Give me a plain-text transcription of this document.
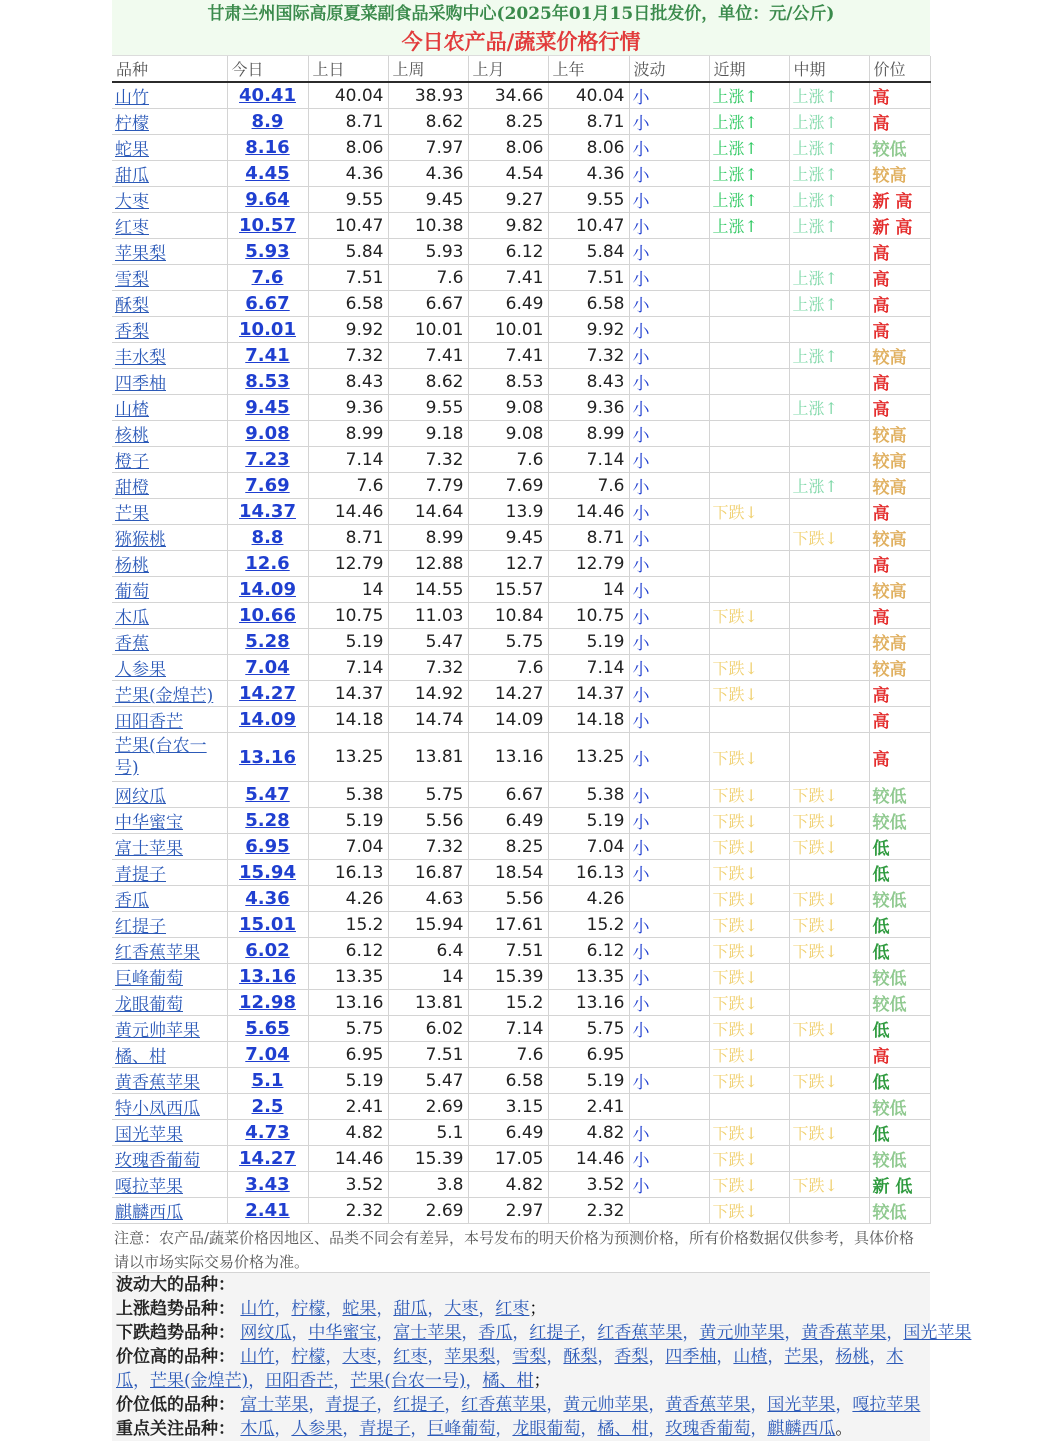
甘肃兰州国际高原夏菜副食品采购中心(2025年01月15日批发价，单位：元/公斤)
今日农产品/蔬菜价格行情
品种	今日	上日	上周	上月	上年	波动	近期	中期	价位
山竹	40.41	40.04	38.93	34.66	40.04	小	上涨↑	上涨↑	高
柠檬	8.9	8.71	8.62	8.25	8.71	小	上涨↑	上涨↑	高
蛇果	8.16	8.06	7.97	8.06	8.06	小	上涨↑	上涨↑	较低
甜瓜	4.45	4.36	4.36	4.54	4.36	小	上涨↑	上涨↑	较高
大枣	9.64	9.55	9.45	9.27	9.55	小	上涨↑	上涨↑	新 高
红枣	10.57	10.47	10.38	9.82	10.47	小	上涨↑	上涨↑	新 高
苹果梨	5.93	5.84	5.93	6.12	5.84	小			高
雪梨	7.6	7.51	7.6	7.41	7.51	小		上涨↑	高
酥梨	6.67	6.58	6.67	6.49	6.58	小		上涨↑	高
香梨	10.01	9.92	10.01	10.01	9.92	小			高
丰水梨	7.41	7.32	7.41	7.41	7.32	小		上涨↑	较高
四季柚	8.53	8.43	8.62	8.53	8.43	小			高
山楂	9.45	9.36	9.55	9.08	9.36	小		上涨↑	高
核桃	9.08	8.99	9.18	9.08	8.99	小			较高
橙子	7.23	7.14	7.32	7.6	7.14	小			较高
甜橙	7.69	7.6	7.79	7.69	7.6	小		上涨↑	较高
芒果	14.37	14.46	14.64	13.9	14.46	小	下跌↓		高
猕猴桃	8.8	8.71	8.99	9.45	8.71	小		下跌↓	较高
杨桃	12.6	12.79	12.88	12.7	12.79	小			高
葡萄	14.09	14	14.55	15.57	14	小			较高
木瓜	10.66	10.75	11.03	10.84	10.75	小	下跌↓		高
香蕉	5.28	5.19	5.47	5.75	5.19	小			较高
人参果	7.04	7.14	7.32	7.6	7.14	小	下跌↓		较高
芒果(金煌芒)	14.27	14.37	14.92	14.27	14.37	小	下跌↓		高
田阳香芒	14.09	14.18	14.74	14.09	14.18	小			高
芒果(台农一号)	13.16	13.25	13.81	13.16	13.25	小	下跌↓		高
网纹瓜	5.47	5.38	5.75	6.67	5.38	小	下跌↓	下跌↓	较低
中华蜜宝	5.28	5.19	5.56	6.49	5.19	小	下跌↓	下跌↓	较低
富士苹果	6.95	7.04	7.32	8.25	7.04	小	下跌↓	下跌↓	低
青提子	15.94	16.13	16.87	18.54	16.13	小	下跌↓		低
香瓜	4.36	4.26	4.63	5.56	4.26		下跌↓	下跌↓	较低
红提子	15.01	15.2	15.94	17.61	15.2	小	下跌↓	下跌↓	低
红香蕉苹果	6.02	6.12	6.4	7.51	6.12	小	下跌↓	下跌↓	低
巨峰葡萄	13.16	13.35	14	15.39	13.35	小	下跌↓		较低
龙眼葡萄	12.98	13.16	13.81	15.2	13.16	小	下跌↓		较低
黄元帅苹果	5.65	5.75	6.02	7.14	5.75	小	下跌↓	下跌↓	低
橘、柑	7.04	6.95	7.51	7.6	6.95		下跌↓		高
黄香蕉苹果	5.1	5.19	5.47	6.58	5.19	小	下跌↓	下跌↓	低
特小凤西瓜	2.5	2.41	2.69	3.15	2.41				较低
国光苹果	4.73	4.82	5.1	6.49	4.82	小	下跌↓	下跌↓	低
玫瑰香葡萄	14.27	14.46	15.39	17.05	14.46	小	下跌↓		较低
嘎拉苹果	3.43	3.52	3.8	4.82	3.52	小	下跌↓	下跌↓	新 低
麒麟西瓜	2.41	2.32	2.69	2.97	2.32		下跌↓		较低
注意：农产品/蔬菜价格因地区、品类不同会有差异，本号发布的明天价格为预测价格，所有价格数据仅供参考，具体价格请以市场实际交易价格为准。
波动大的品种：
上涨趋势品种： 山竹，柠檬，蛇果，甜瓜，大枣，红枣；
下跌趋势品种： 网纹瓜，中华蜜宝，富士苹果，香瓜，红提子，红香蕉苹果，黄元帅苹果，黄香蕉苹果，国光苹果
价位高的品种： 山竹，柠檬，大枣，红枣，苹果梨，雪梨，酥梨，香梨，四季柚，山楂，芒果，杨桃，木瓜，芒果(金煌芒)，田阳香芒，芒果(台农一号)，橘、柑；
价位低的品种： 富士苹果，青提子，红提子，红香蕉苹果，黄元帅苹果，黄香蕉苹果，国光苹果，嘎拉苹果
重点关注品种： 木瓜，人参果，青提子，巨峰葡萄，龙眼葡萄，橘、柑，玫瑰香葡萄，麒麟西瓜。
